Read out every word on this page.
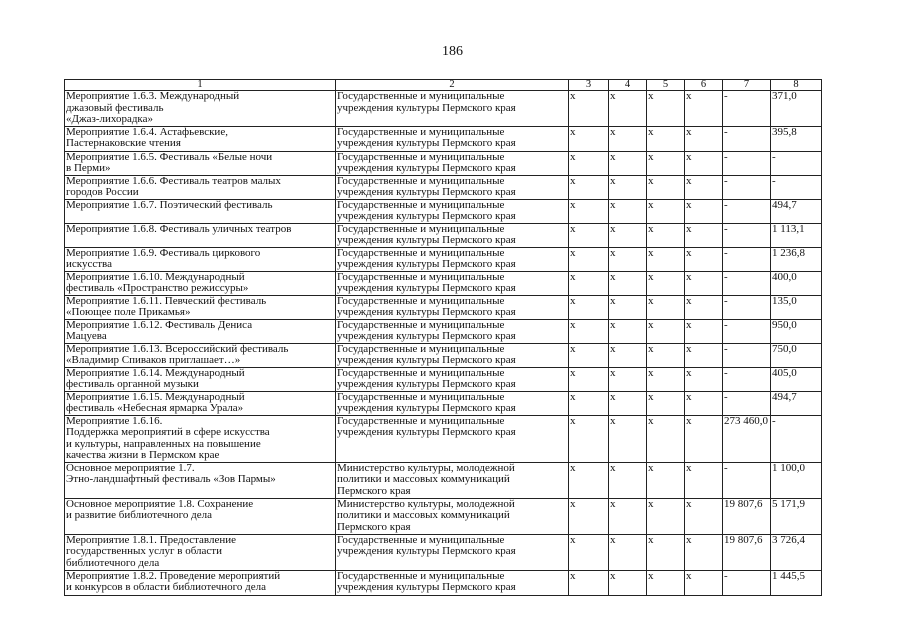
186
1	2	3	4	5	6	7	8

Мероприятие 1.6.3. Международный
джазовый фестиваль
«Джаз-лихорадка»	Государственные и муниципальные
учреждения культуры Пермского края	х	х	х	х	-	371,0

Мероприятие 1.6.4. Астафьевские,
Пастернаковские чтения	Государственные и муниципальные
учреждения культуры Пермского края	х	х	х	х	-	395,8

Мероприятие 1.6.5. Фестиваль «Белые ночи
в Перми»	Государственные и муниципальные
учреждения культуры Пермского края	х	х	х	х	-	-

Мероприятие 1.6.6. Фестиваль театров малых
городов России	Государственные и муниципальные
учреждения культуры Пермского края	х	х	х	х	-	-

Мероприятие 1.6.7. Поэтический фестиваль	Государственные и муниципальные
учреждения культуры Пермского края	х	х	х	х	-	494,7

Мероприятие 1.6.8. Фестиваль уличных театров	Государственные и муниципальные
учреждения культуры Пермского края	х	х	х	х	-	1 113,1

Мероприятие 1.6.9. Фестиваль циркового
искусства	Государственные и муниципальные
учреждения культуры Пермского края	х	х	х	х	-	1 236,8

Мероприятие 1.6.10. Международный
фестиваль «Пространство режиссуры»	Государственные и муниципальные
учреждения культуры Пермского края	х	х	х	х	-	400,0

Мероприятие 1.6.11. Певческий фестиваль
«Поющее поле Прикамья»	Государственные и муниципальные
учреждения культуры Пермского края	х	х	х	х	-	135,0

Мероприятие 1.6.12. Фестиваль Дениса
Мацуева	Государственные и муниципальные
учреждения культуры Пермского края	х	х	х	х	-	950,0

Мероприятие 1.6.13. Всероссийский фестиваль
«Владимир Спиваков приглашает…»	Государственные и муниципальные
учреждения культуры Пермского края	х	х	х	х	-	750,0

Мероприятие 1.6.14. Международный
фестиваль органной музыки	Государственные и муниципальные
учреждения культуры Пермского края	х	х	х	х	-	405,0

Мероприятие 1.6.15. Международный
фестиваль «Небесная ярмарка Урала»	Государственные и муниципальные
учреждения культуры Пермского края	х	х	х	х	-	494,7

Мероприятие 1.6.16.
Поддержка мероприятий в сфере искусства
и культуры, направленных на повышение
качества жизни в Пермском крае	Государственные и муниципальные
учреждения культуры Пермского края	х	х	х	х	273 460,0	-

Основное мероприятие 1.7.
Этно-ландшафтный фестиваль «Зов Пармы»	Министерство культуры, молодежной
политики и массовых коммуникаций
Пермского края	х	х	х	х	-	1 100,0

Основное мероприятие 1.8. Сохранение
и развитие библиотечного дела	Министерство культуры, молодежной
политики и массовых коммуникаций
Пермского края	х	х	х	х	19 807,6	5 171,9

Мероприятие 1.8.1. Предоставление
государственных услуг в области
библиотечного дела	Государственные и муниципальные
учреждения культуры Пермского края	х	х	х	х	19 807,6	3 726,4

Мероприятие 1.8.2. Проведение мероприятий
и конкурсов в области библиотечного дела	Государственные и муниципальные
учреждения культуры Пермского края	х	х	х	х	-	1 445,5
